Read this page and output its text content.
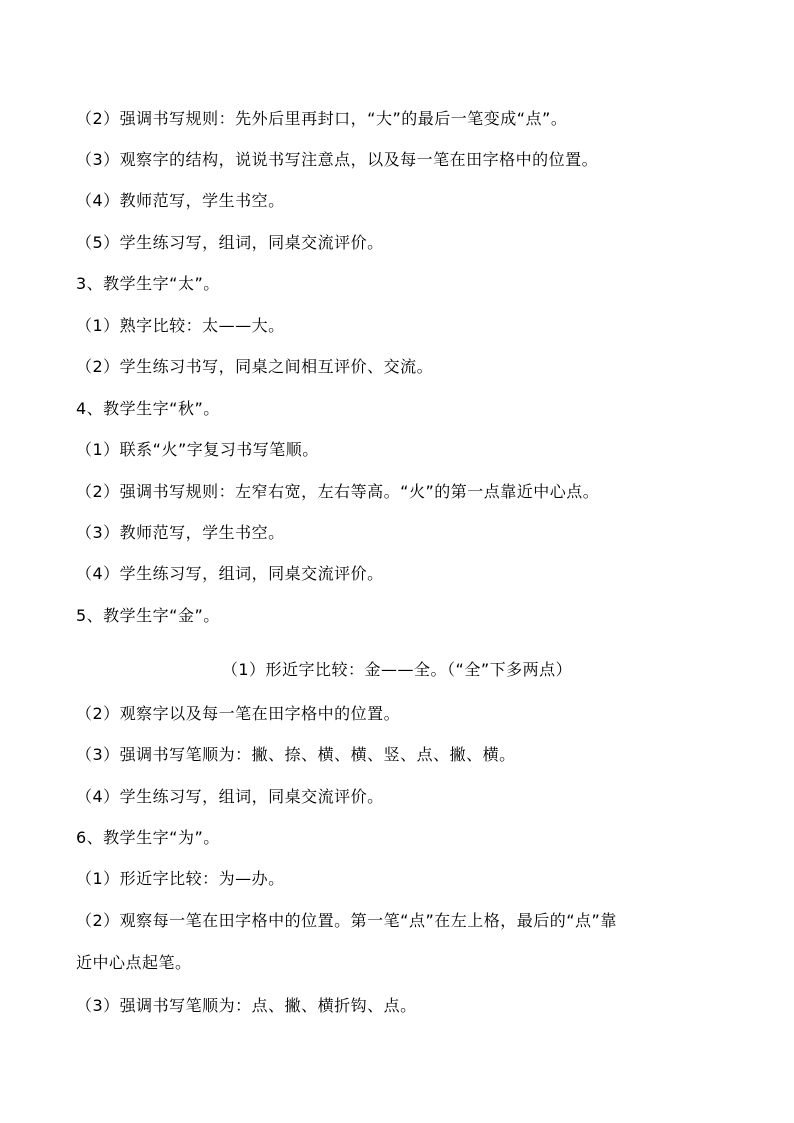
（2）强调书写规则：先外后里再封口，“大”的最后一笔变成“点”。
（3）观察字的结构，说说书写注意点，以及每一笔在田字格中的位置。
（4）教师范写，学生书空。
（5）学生练习写，组词，同桌交流评价。
3、教学生字“太”。
（1）熟字比较：太——大。
（2）学生练习书写，同桌之间相互评价、交流。
4、教学生字“秋”。
（1）联系“火”字复习书写笔顺。
（2）强调书写规则：左窄右宽，左右等高。“火”的第一点靠近中心点。
（3）教师范写，学生书空。
（4）学生练习写，组词，同桌交流评价。
5、教学生字“金”。
（1）形近字比较：金——全。（“全”下多两点）
（2）观察字以及每一笔在田字格中的位置。
（3）强调书写笔顺为：撇、捺、横、横、竖、点、撇、横。
（4）学生练习写，组词，同桌交流评价。
6、教学生字“为”。
（1）形近字比较：为—办。
（2）观察每一笔在田字格中的位置。第一笔“点”在左上格，最后的“点”靠
近中心点起笔。
（3）强调书写笔顺为：点、撇、横折钩、点。
